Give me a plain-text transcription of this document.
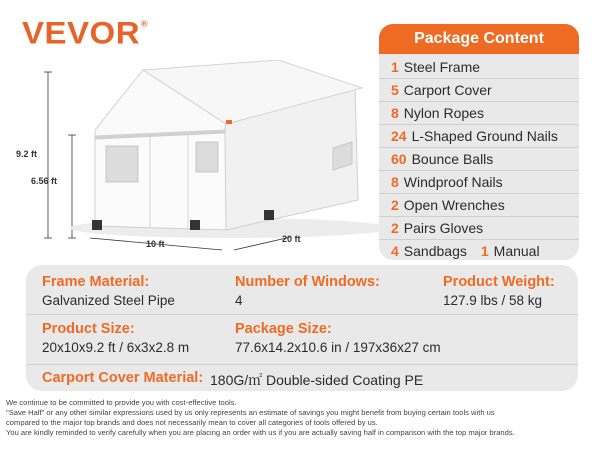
VEVOR®
9.2 ft
6.56 ft
10 ft	20 ft
Package Content
1 Steel Frame
5 Carport Cover
8 Nylon Ropes
24 L-Shaped Ground Nails
60 Bounce Balls
8 Windproof Nails
2 Open Wrenches
2 Pairs Gloves
4 Sandbags 1 Manual
Frame Material:
Galvanized Steel Pipe
Number of Windows:
4
Product Weight:
127.9 lbs / 58 kg
Product Size:
20x10x9.2 ft / 6x3x2.8 m
Package Size:
77.6x14.2x10.6 in / 197x36x27 cm
Carport Cover Material: 180G/㎡ Double-sided Coating PE
We continue to be committed to provide you with cost-effective tools.
"Save Half" or any other similar expressions used by us only represents an estimate of savings you might benefit from buying certain tools with us
compared to the major top brands and does not necessarily mean to cover all categories of tools offered by us.
You are kindly reminded to verify carefully when you are placing an order with us if you are actually saving half in comparison with the top major brands.
